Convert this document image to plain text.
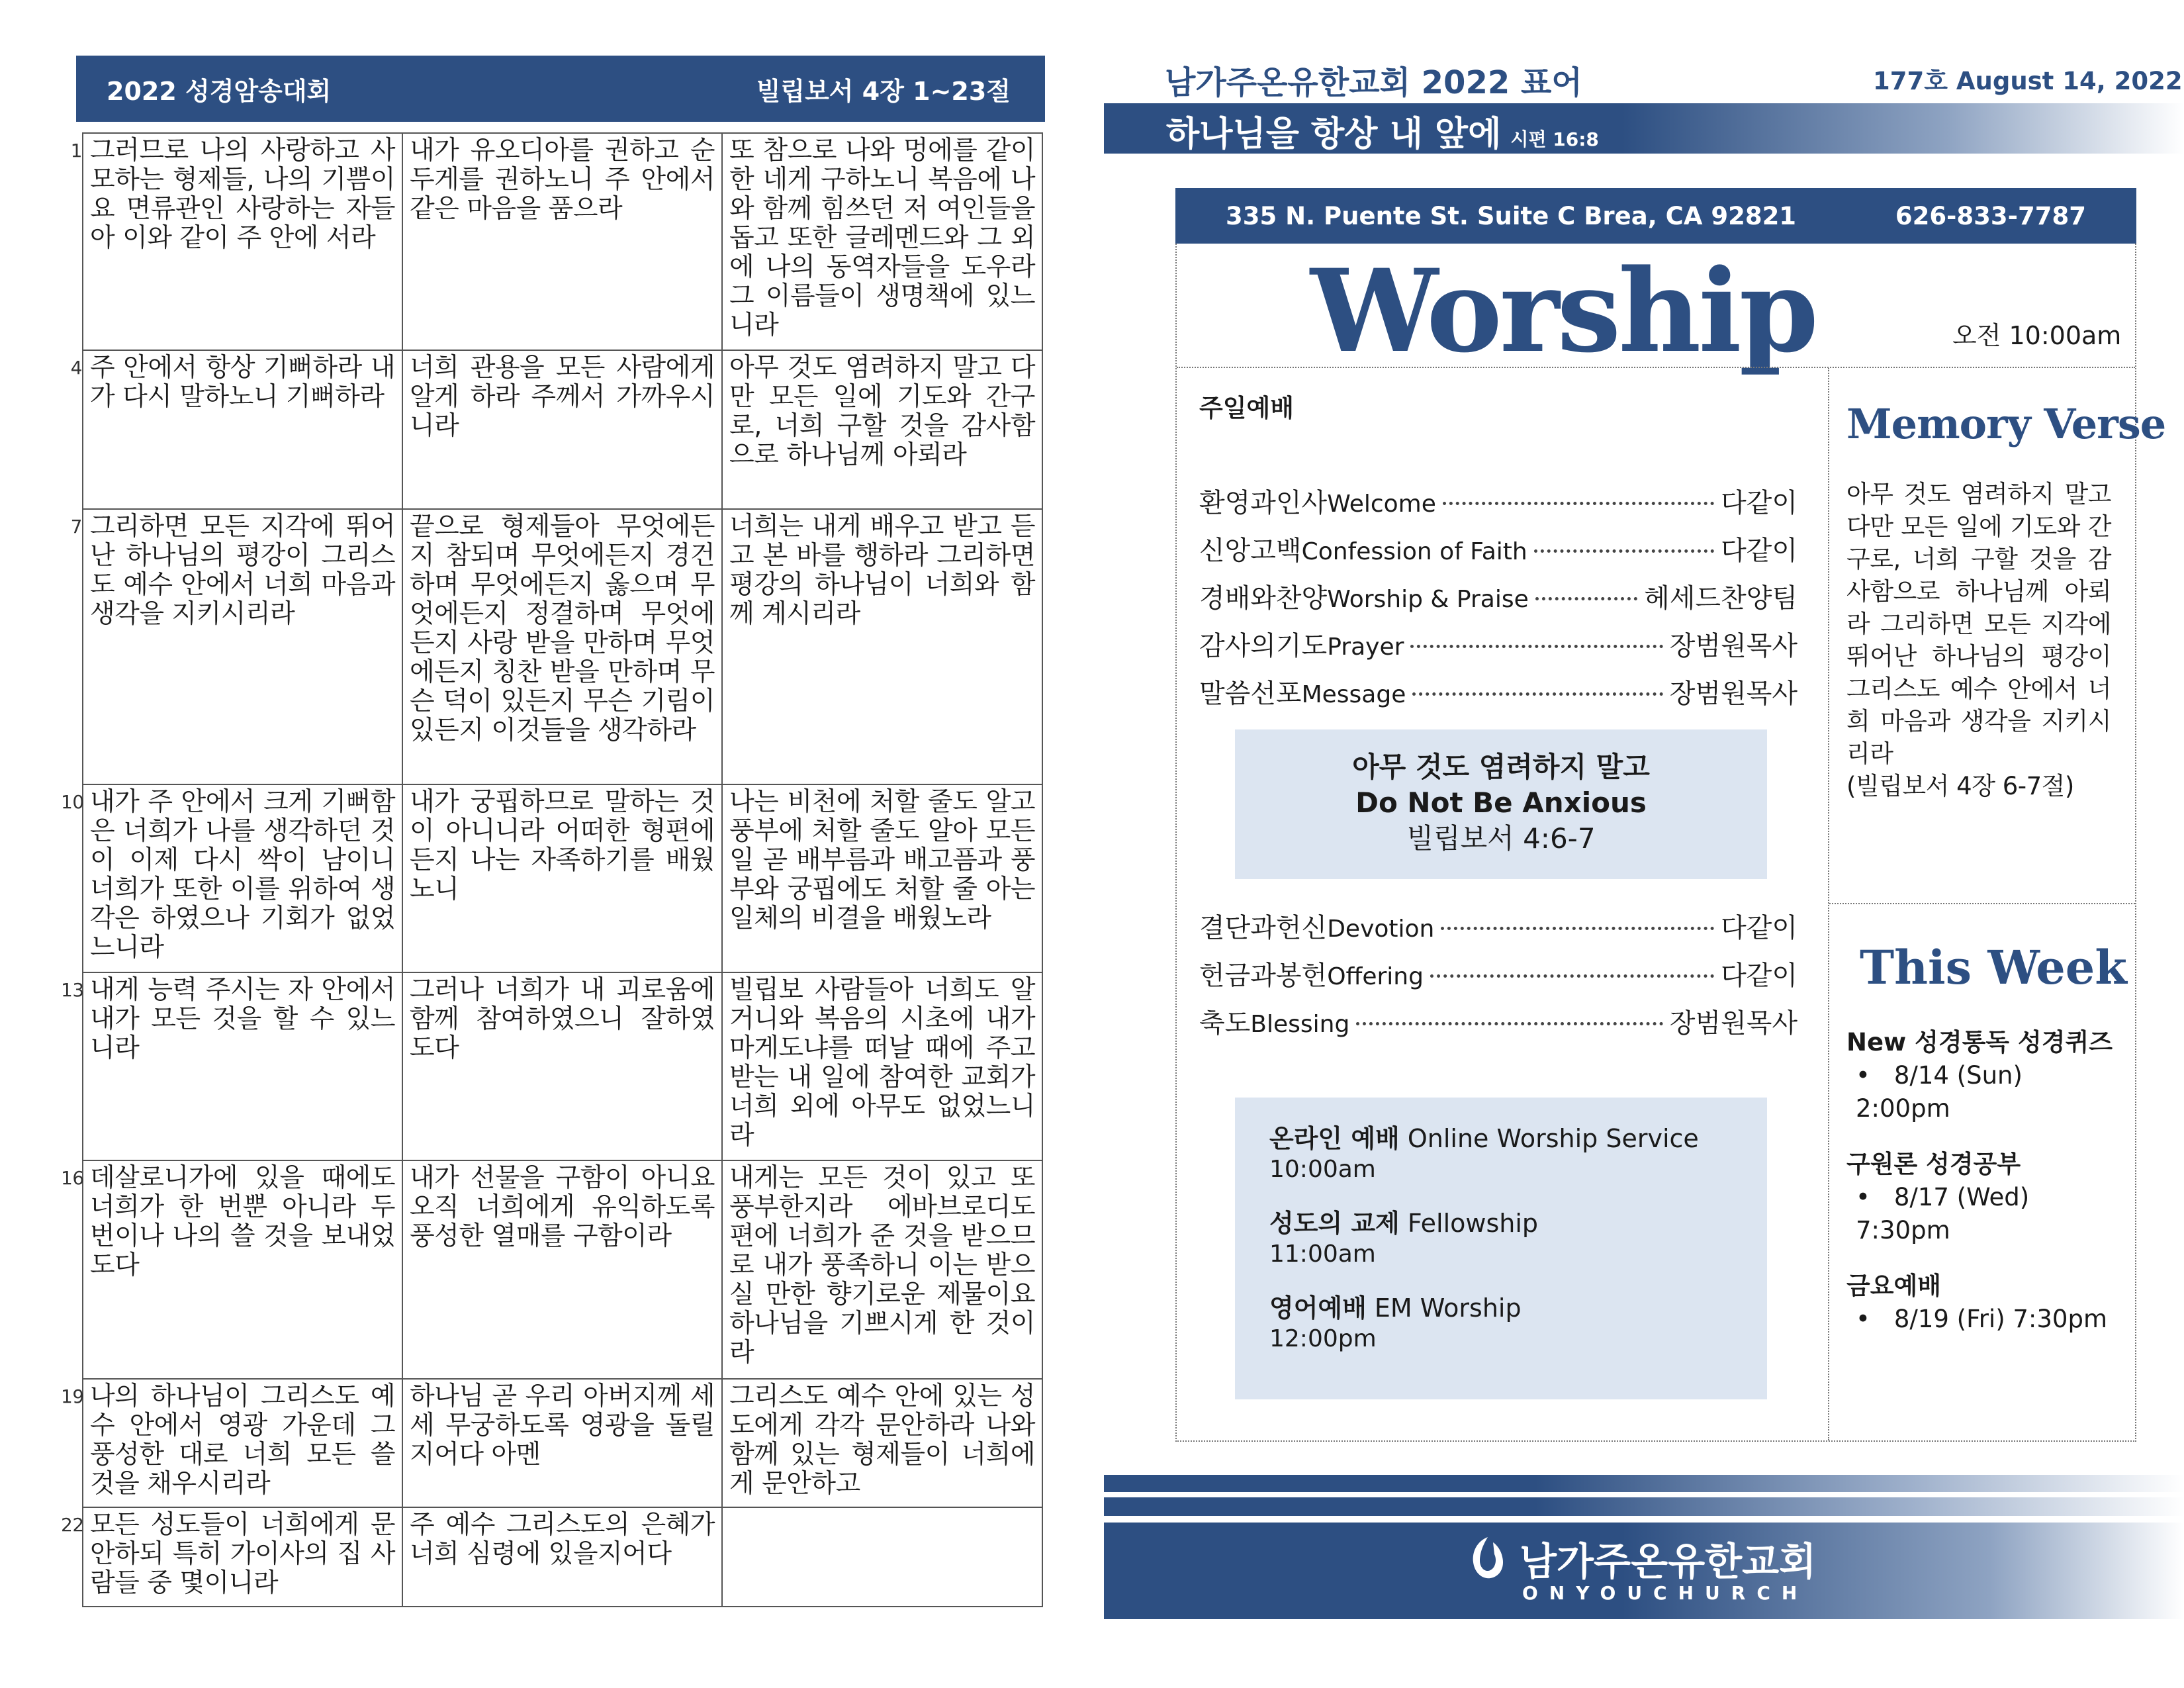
2022 성경암송대회	빌립보서 4장 1~23절
1 그러므로 나의 사랑하고 사모하는 형제들, 나의 기쁨이요 면류관인 사랑하는 자들아 이와 같이 주 안에 서라	내가 유오디아를 권하고 순두게를 권하노니 주 안에서 같은 마음을 품으라	또 참으로 나와 멍에를 같이한 네게 구하노니 복음에 나와 함께 힘쓰던 저 여인들을 돕고 또한 글레멘드와 그 외에 나의 동역자들을 도우라 그 이름들이 생명책에 있느니라

4 주 안에서 항상 기뻐하라 내가 다시 말하노니 기뻐하라	너희 관용을 모든 사람에게 알게 하라 주께서 가까우시니라	아무 것도 염려하지 말고 다만 모든 일에 기도와 간구로, 너희 구할 것을 감사함으로 하나님께 아뢰라

7 그리하면 모든 지각에 뛰어난 하나님의 평강이 그리스도 예수 안에서 너희 마음과 생각을 지키시리라	끝으로 형제들아 무엇에든지 참되며 무엇에든지 경건하며 무엇에든지 옳으며 무엇에든지 정결하며 무엇에든지 사랑 받을 만하며 무엇에든지 칭찬 받을 만하며 무슨 덕이 있든지 무슨 기림이 있든지 이것들을 생각하라	너희는 내게 배우고 받고 듣고 본 바를 행하라 그리하면 평강의 하나님이 너희와 함께 계시리라

10 내가 주 안에서 크게 기뻐함은 너희가 나를 생각하던 것이 이제 다시 싹이 남이니 너희가 또한 이를 위하여 생각은 하였으나 기회가 없었느니라	내가 궁핍하므로 말하는 것이 아니니라 어떠한 형편에든지 나는 자족하기를 배웠노니	나는 비천에 처할 줄도 알고 풍부에 처할 줄도 알아 모든 일 곧 배부름과 배고픔과 풍부와 궁핍에도 처할 줄 아는 일체의 비결을 배웠노라

13 내게 능력 주시는 자 안에서 내가 모든 것을 할 수 있느니라	그러나 너희가 내 괴로움에 함께 참여하였으니 잘하였도다	빌립보 사람들아 너희도 알거니와 복음의 시초에 내가 마게도냐를 떠날 때에 주고 받는 내 일에 참여한 교회가 너희 외에 아무도 없었느니라

16 데살로니가에 있을 때에도 너희가 한 번뿐 아니라 두 번이나 나의 쓸 것을 보내었도다	내가 선물을 구함이 아니요 오직 너희에게 유익하도록 풍성한 열매를 구함이라	내게는 모든 것이 있고 또 풍부한지라 에바브로디도 편에 너희가 준 것을 받으므로 내가 풍족하니 이는 받으실 만한 향기로운 제물이요 하나님을 기쁘시게 한 것이라

19 나의 하나님이 그리스도 예수 안에서 영광 가운데 그 풍성한 대로 너희 모든 쓸 것을 채우시리라	하나님 곧 우리 아버지께 세세 무궁하도록 영광을 돌릴지어다 아멘	그리스도 예수 안에 있는 성도에게 각각 문안하라 나와 함께 있는 형제들이 너희에게 문안하고

22 모든 성도들이 너희에게 문안하되 특히 가이사의 집 사람들 중 몇이니라	주 예수 그리스도의 은혜가 너희 심령에 있을지어다	
남가주온유한교회 2022 표어	177호 August 14, 2022
하나님을 항상 내 앞에 시편 16:8
335 N. Puente St. Suite C Brea, CA 92821	626-833-7787
Worship	오전 10:00am
주일예배
환영과인사 Welcome	다같이
신앙고백 Confession of Faith	다같이
경배와찬양 Worship & Praise	헤세드찬양팀
감사의기도 Prayer	장범원목사
말씀선포 Message	장범원목사
아무 것도 염려하지 말고
Do Not Be Anxious
빌립보서 4:6-7
결단과헌신 Devotion	다같이
헌금과봉헌 Offering	다같이
축도 Blessing	장범원목사
온라인 예배 Online Worship Service
10:00am
성도의 교제 Fellowship
11:00am
영어예배 EM Worship
12:00pm
Memory Verse
아무 것도 염려하지 말고 다만 모든 일에 기도와 간구로, 너희 구할 것을 감사함으로 하나님께 아뢰라 그리하면 모든 지각에 뛰어난 하나님의 평강이 그리스도 예수 안에서 너희 마음과 생각을 지키시리라
(빌립보서 4장 6-7절)
This Week
New 성경통독 성경퀴즈
• 8/14 (Sun) 2:00pm
구원론 성경공부
• 8/17 (Wed) 7:30pm
금요예배
• 8/19 (Fri) 7:30pm
남가주온유한교회
ONYOUCHURCH
